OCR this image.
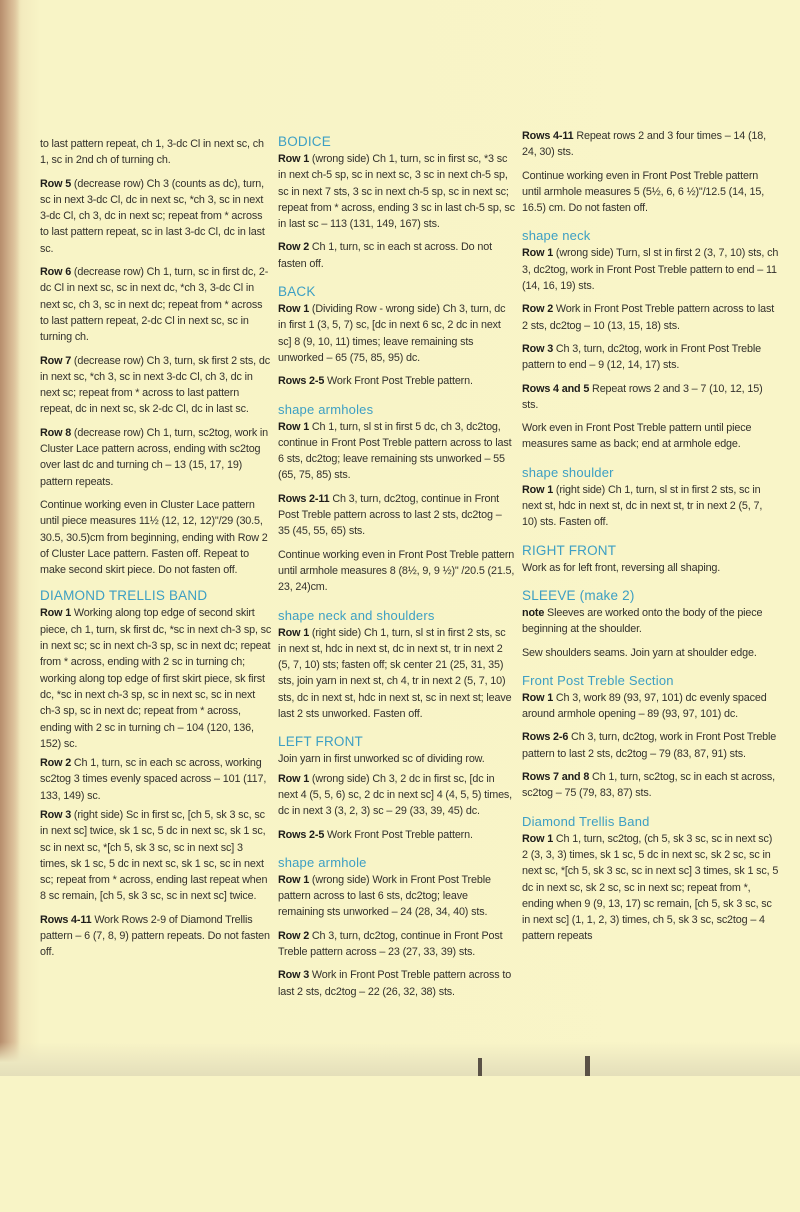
to last pattern repeat, ch 1, 3-dc Cl in next sc, ch 1, sc in 2nd ch of turning ch.

Row 5 (decrease row) Ch 3 (counts as dc), turn, sc in next 3-dc Cl, dc in next sc, *ch 3, sc in next 3-dc Cl, ch 3, dc in next sc; repeat from * across to last pattern repeat, sc in last 3-dc Cl, dc in last sc.

Row 6 (decrease row) Ch 1, turn, sc in first dc, 2-dc Cl in next sc, sc in next dc, *ch 3, 3-dc Cl in next sc, ch 3, sc in next dc; repeat from * across to last pattern repeat, 2-dc Cl in next sc, sc in turning ch.

Row 7 (decrease row) Ch 3, turn, sk first 2 sts, dc in next sc, *ch 3, sc in next 3-dc Cl, ch 3, dc in next sc; repeat from * across to last pattern repeat, dc in next sc, sk 2-dc Cl, dc in last sc.

Row 8 (decrease row) Ch 1, turn, sc2tog, work in Cluster Lace pattern across, ending with sc2tog over last dc and turning ch – 13 (15, 17, 19) pattern repeats.

Continue working even in Cluster Lace pattern until piece measures 11½ (12, 12, 12)"/29 (30.5, 30.5, 30.5)cm from beginning, ending with Row 2 of Cluster Lace pattern. Fasten off. Repeat to make second skirt piece. Do not fasten off.

DIAMOND TRELLIS BAND

Row 1 Working along top edge of second skirt piece, ch 1, turn, sk first dc, *sc in next ch-3 sp, sc in next sc; sc in next ch-3 sp, sc in next dc; repeat from * across, ending with 2 sc in turning ch; working along top edge of first skirt piece, sk first dc, *sc in next ch-3 sp, sc in next sc, sc in next ch-3 sp, sc in next dc; repeat from * across, ending with 2 sc in turning ch – 104 (120, 136, 152) sc.

Row 2 Ch 1, turn, sc in each sc across, working sc2tog 3 times evenly spaced across – 101 (117, 133, 149) sc.

Row 3 (right side) Sc in first sc, [ch 5, sk 3 sc, sc in next sc] twice, sk 1 sc, 5 dc in next sc, sk 1 sc, sc in next sc, *[ch 5, sk 3 sc, sc in next sc] 3 times, sk 1 sc, 5 dc in next sc, sk 1 sc, sc in next sc; repeat from * across, ending last repeat when 8 sc remain, [ch 5, sk 3 sc, sc in next sc] twice.

Rows 4-11 Work Rows 2-9 of Diamond Trellis pattern – 6 (7, 8, 9) pattern repeats. Do not fasten off.

BODICE

Row 1 (wrong side) Ch 1, turn, sc in first sc, *3 sc in next ch-5 sp, sc in next sc, 3 sc in next ch-5 sp, sc in next 7 sts, 3 sc in next ch-5 sp, sc in next sc; repeat from * across, ending 3 sc in last ch-5 sp, sc in last sc – 113 (131, 149, 167) sts.

Row 2 Ch 1, turn, sc in each st across. Do not fasten off.

BACK

Row 1 (Dividing Row - wrong side) Ch 3, turn, dc in first 1 (3, 5, 7) sc, [dc in next 6 sc, 2 dc in next sc] 8 (9, 10, 11) times; leave remaining sts unworked – 65 (75, 85, 95) dc.

Rows 2-5 Work Front Post Treble pattern.

shape armholes

Row 1 Ch 1, turn, sl st in first 5 dc, ch 3, dc2tog, continue in Front Post Treble pattern across to last 6 sts, dc2tog; leave remaining sts unworked – 55 (65, 75, 85) sts.

Rows 2-11 Ch 3, turn, dc2tog, continue in Front Post Treble pattern across to last 2 sts, dc2tog – 35 (45, 55, 65) sts.

Continue working even in Front Post Treble pattern until armhole measures 8 (8½, 9, 9 ½)" /20.5 (21.5, 23, 24)cm.

shape neck and shoulders

Row 1 (right side) Ch 1, turn, sl st in first 2 sts, sc in next st, hdc in next st, dc in next st, tr in next 2 (5, 7, 10) sts; fasten off; sk center 21 (25, 31, 35) sts, join yarn in next st, ch 4, tr in next 2 (5, 7, 10) sts, dc in next st, hdc in next st, sc in next st; leave last 2 sts unworked. Fasten off.

LEFT FRONT

Join yarn in first unworked sc of dividing row.

Row 1 (wrong side) Ch 3, 2 dc in first sc, [dc in next 4 (5, 5, 6) sc, 2 dc in next sc] 4 (4, 5, 5) times, dc in next 3 (3, 2, 3) sc – 29 (33, 39, 45) dc.

Rows 2-5 Work Front Post Treble pattern.

shape armhole

Row 1 (wrong side) Work in Front Post Treble pattern across to last 6 sts, dc2tog; leave remaining sts unworked – 24 (28, 34, 40) sts.

Row 2 Ch 3, turn, dc2tog, continue in Front Post Treble pattern across – 23 (27, 33, 39) sts.

Row 3 Work in Front Post Treble pattern across to last 2 sts, dc2tog – 22 (26, 32, 38) sts.

Rows 4-11 Repeat rows 2 and 3 four times – 14 (18, 24, 30) sts.

Continue working even in Front Post Treble pattern until armhole measures 5 (5½, 6, 6 ½)"/12.5 (14, 15, 16.5) cm. Do not fasten off.

shape neck

Row 1 (wrong side) Turn, sl st in first 2 (3, 7, 10) sts, ch 3, dc2tog, work in Front Post Treble pattern to end – 11 (14, 16, 19) sts.

Row 2 Work in Front Post Treble pattern across to last 2 sts, dc2tog – 10 (13, 15, 18) sts.

Row 3 Ch 3, turn, dc2tog, work in Front Post Treble pattern to end – 9 (12, 14, 17) sts.

Rows 4 and 5 Repeat rows 2 and 3 – 7 (10, 12, 15) sts.

Work even in Front Post Treble pattern until piece measures same as back; end at armhole edge.

shape shoulder

Row 1 (right side) Ch 1, turn, sl st in first 2 sts, sc in next st, hdc in next st, dc in next st, tr in next 2 (5, 7, 10) sts. Fasten off.

RIGHT FRONT

Work as for left front, reversing all shaping.

SLEEVE (make 2)

note Sleeves are worked onto the body of the piece beginning at the shoulder.

Sew shoulders seams. Join yarn at shoulder edge.

Front Post Treble Section

Row 1 Ch 3, work 89 (93, 97, 101) dc evenly spaced around armhole opening – 89 (93, 97, 101) dc.

Rows 2-6 Ch 3, turn, dc2tog, work in Front Post Treble pattern to last 2 sts, dc2tog – 79 (83, 87, 91) sts.

Rows 7 and 8 Ch 1, turn, sc2tog, sc in each st across, sc2tog – 75 (79, 83, 87) sts.

Diamond Trellis Band

Row 1 Ch 1, turn, sc2tog, (ch 5, sk 3 sc, sc in next sc) 2 (3, 3, 3) times, sk 1 sc, 5 dc in next sc, sk 2 sc, sc in next sc, *[ch 5, sk 3 sc, sc in next sc] 3 times, sk 1 sc, 5 dc in next sc, sk 2 sc, sc in next sc; repeat from *, ending when 9 (9, 13, 17) sc remain, [ch 5, sk 3 sc, sc in next sc] (1, 1, 2, 3) times, ch 5, sk 3 sc, sc2tog – 4 pattern repeats
